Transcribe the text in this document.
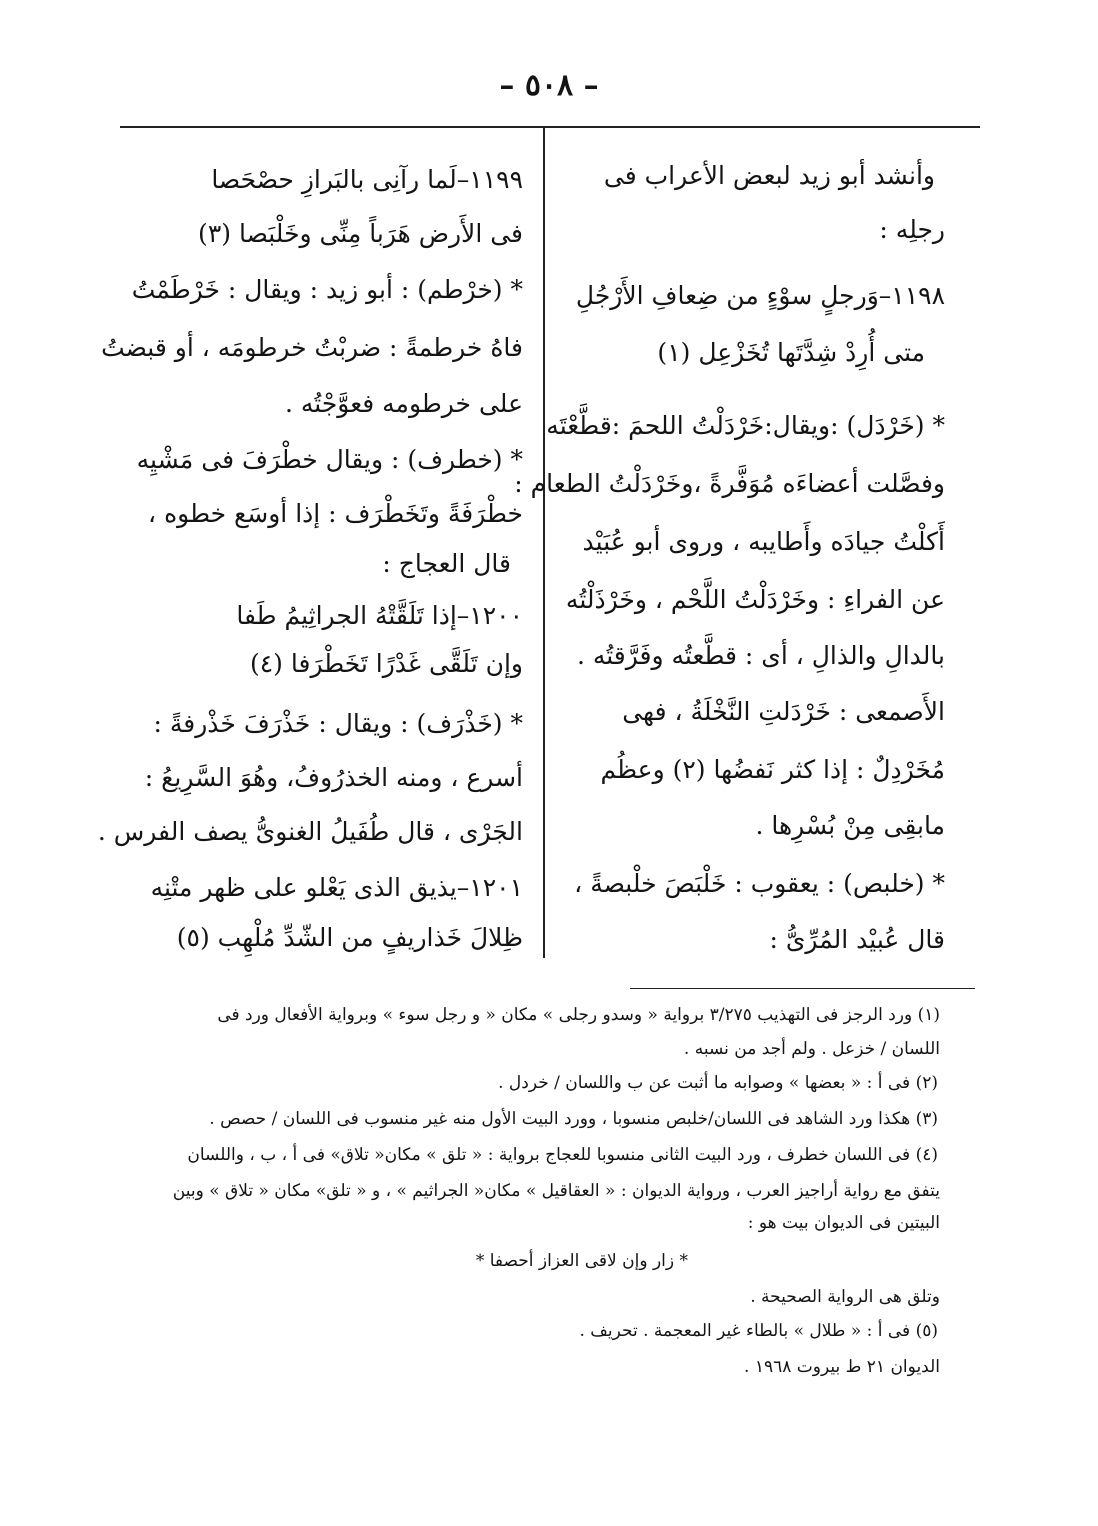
– ٥٠٨ –
وأنشد أبو زيد لبعض الأعراب فى
رجلِه :
١١٩٨–وَرجلٍ سوْءٍ من ضِعافِ الأَرْجُلِ
متى أُرِدْ شِدَّتَها تُخَزْعِل (١)
* (خَرْدَل) :ويقال:خَرْدَلْتُ اللحمَ :قطَّعْتَه
وفصَّلت أعضاءَه مُوَفَّرةً ،وخَرْدَلْتُ الطعام :
أَكلْتُ جيادَه وأَطايبه ، وروى أبو عُبَيْد
عن الفراءِ : وخَرْدَلْتُ اللَّحْم ، وخَرْذَلْتُه
بالدالِ والذالِ ، أى : قطَّعتُه وفَرَّقتُه .
الأَصمعى : خَرْدَلتِ النَّخْلَةُ ، فهى
مُخَرْدِلٌ : إذا كثر نَفضُها (٢) وعظُم
مابقِى مِنْ بُسْرِها .
* (خلبص) : يعقوب : خَلْبَصَ خلْبصةً ،
قال عُبيْد المُرِّىُّ :
١١٩٩–لَما رآنِى بالبَرازِ حصْحَصا
فى الأَرض هَرَباً مِنِّى وخَلْبَصا (٣)
* (خرْطم) : أبو زيد : ويقال : خَرْطَمْتُ
فاهُ خرطمةً : ضربْتُ خرطومَه ، أو قبضتُ
على خرطومه فعوَّجْتُه .
* (خطرف) : ويقال خطْرَفَ فى مَشْيِه
خطْرَفَةً وتَخَطْرَف : إذا أوسَع خطوه ،
قال العجاج :
١٢٠٠–إذا تَلَقَّتْهُ الجراثِيمُ طَفا
وإن تَلَقَّى غَدْرًا تَخَطْرَفا (٤)
* (خَذْرَف) : ويقال : خَذْرَفَ خَذْرفةً :
أسرع ، ومنه الخذرُوفُ، وهُوَ السَّرِيعُ :
الجَرْى ، قال طُفَيلُ الغنوىُّ يصف الفرس .
١٢٠١–يذيق الذى يَعْلو على ظهر متْنِه
ظِلالَ خَذاريفٍ من الشّدِّ مُلْهِب (٥)
(١) ورد الرجز فى التهذيب ٣/٢٧٥ برواية « وسدو رجلى » مكان « و رجل سوء » وبرواية الأفعال ورد فى
اللسان / خزعل . ولم أجد من نسبه .
(٢) فى أ : « بعضها » وصوابه ما أثبت عن ب واللسان / خردل .
(٣) هكذا ورد الشاهد فى اللسان/خلبص منسوبا ، وورد البيت الأول منه غير منسوب فى اللسان / حصص .
(٤) فى اللسان خطرف ، ورد البيت الثانى منسوبا للعجاج برواية : « تلق » مكان« تلاق» فى أ ، ب ، واللسان
يتفق مع رواية أراجيز العرب ، ورواية الديوان : « العقاقيل » مكان« الجراثيم » ، و « تلق» مكان « تلاق » وبين
البيتين فى الديوان بيت هو :
* زار وإن لاقى العزاز أحصفا *
وتلق هى الرواية الصحيحة .
(٥) فى أ : « طلال » بالطاء غير المعجمة . تحريف .
الديوان ٢١ ط بيروت ١٩٦٨ .
